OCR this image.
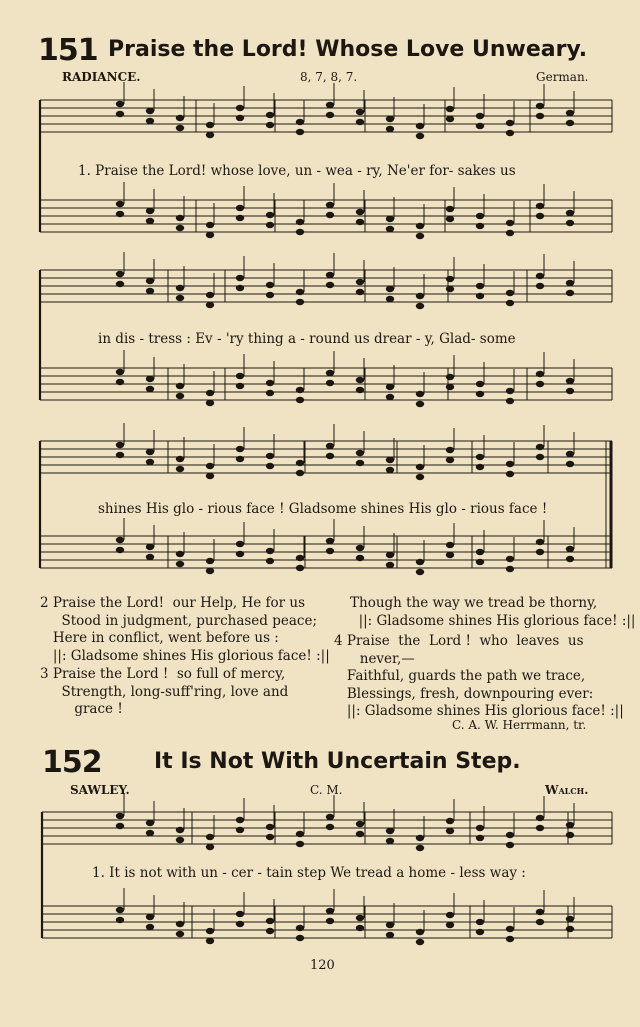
151 Praise the Lord! Whose Love Unweary.
RADIANCE.	8, 7, 8, 7.	German.
1. Praise the Lord! whose love, un - wea - ry, Ne'er for- sakes us
in dis - tress : Ev - 'ry thing a - round us drear - y, Glad- some
shines His glo - rious face ! Gladsome shines His glo - rious face !
2 Praise the Lord!  our Help, He for us
Stood in judgment, purchased peace;
Here in conflict, went before us :
||: Gladsome shines His glorious face! :||
3 Praise the Lord !  so full of mercy,
Strength, long-suff'ring, love and
grace !
Though the way we tread be thorny,
||: Gladsome shines His glorious face! :||
4 Praise  the  Lord !  who  leaves  us
never,—
Faithful, guards the path we trace,
Blessings, fresh, downpouring ever:
||: Gladsome shines His glorious face! :||
C. A. W. Herrmann, tr.
152 It Is Not With Uncertain Step.
SAWLEY.	C. M.	Walch.
1. It is not with un - cer - tain step We tread a home - less way :
120
